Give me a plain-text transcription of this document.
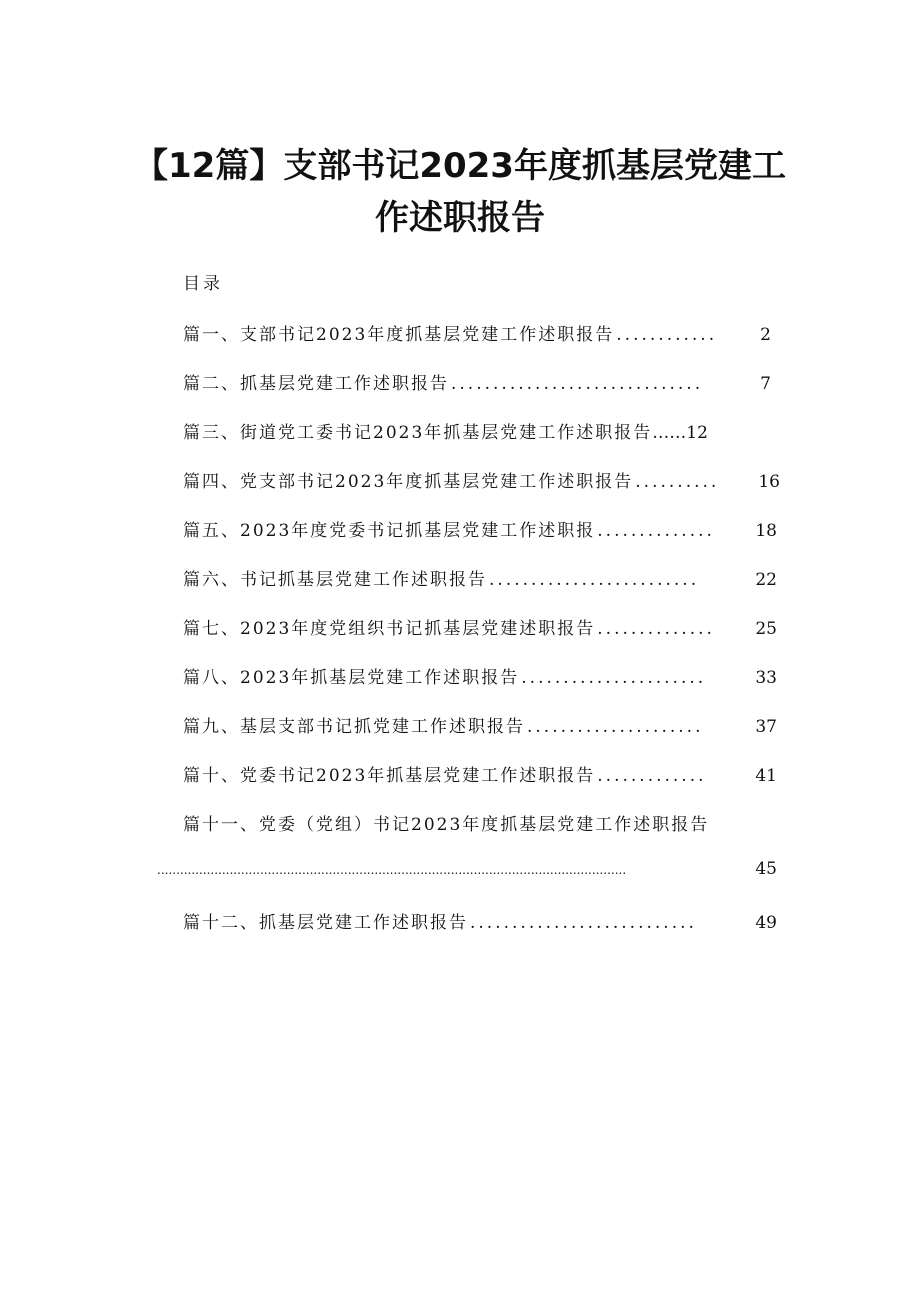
【12篇】支部书记2023年度抓基层党建工
作述职报告
目录
篇一、支部书记2023年度抓基层党建工作述职报告 ............	2
篇二、抓基层党建工作述职报告 ..............................	7
篇三、街道党工委书记2023年抓基层党建工作述职报告 …… 12
篇四、党支部书记2023年度抓基层党建工作述职报告 ..........	16
篇五、2023年度党委书记抓基层党建工作述职报 ..............	18
篇六、书记抓基层党建工作述职报告 .........................	22
篇七、2023年度党组织书记抓基层党建述职报告 ..............	25
篇八、2023年抓基层党建工作述职报告 ......................	33
篇九、基层支部书记抓党建工作述职报告 .....................	37
篇十、党委书记2023年抓基层党建工作述职报告 .............	41
篇十一、党委（党组）书记2023年度抓基层党建工作述职报告
...........................................................................................................................	45
篇十二、抓基层党建工作述职报告 ...........................	49
